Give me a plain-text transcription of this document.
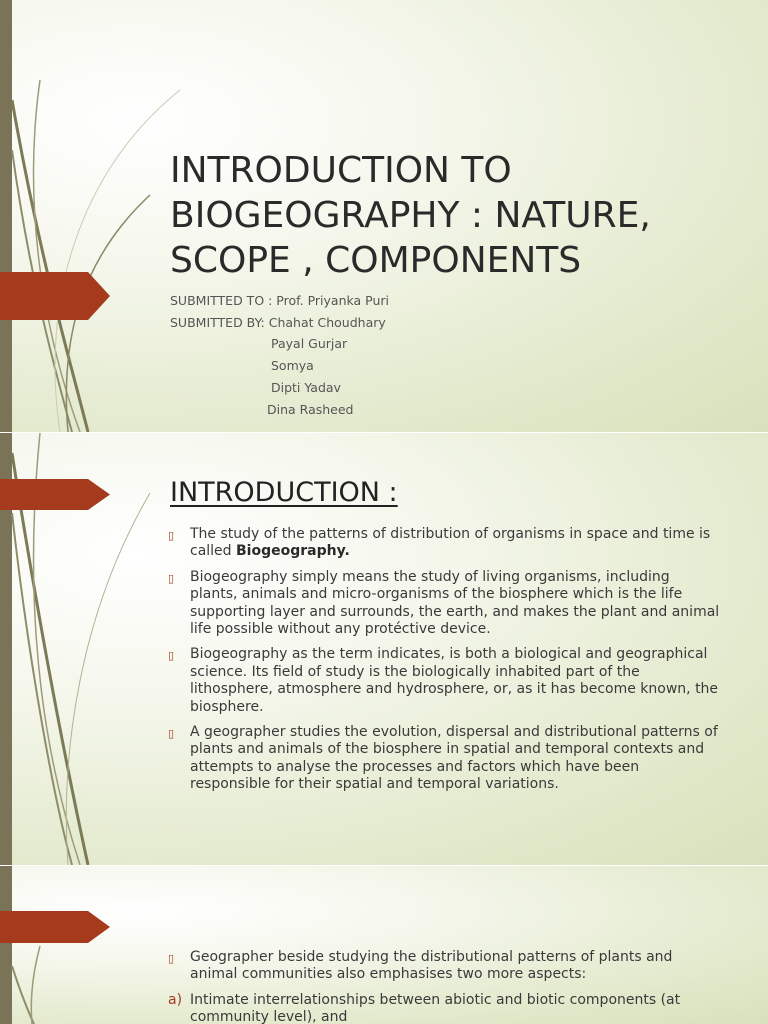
INTRODUCTION TO BIOGEOGRAPHY : NATURE, SCOPE , COMPONENTS
SUBMITTED TO : Prof. Priyanka Puri
SUBMITTED BY: Chahat Choudhary
Payal Gurjar
Somya
Dipti Yadav
Dina Rasheed
INTRODUCTION :
▯ The study of the patterns of distribution of organisms in space and time is called Biogeography.
▯ Biogeography simply means the study of living organisms, including plants, animals and micro-organisms of the biosphere which is the life supporting layer and surrounds, the earth, and makes the plant and animal life possible without any protéctive device.
▯ Biogeography as the term indicates, is both a biological and geographical science. Its field of study is the biologically inhabited part of the lithosphere, atmosphere and hydrosphere, or, as it has become known, the biosphere.
▯ A geographer studies the evolution, dispersal and distributional patterns of plants and animals of the biosphere in spatial and temporal contexts and attempts to analyse the processes and factors which have been responsible for their spatial and temporal variations.
▯ Geographer beside studying the distributional patterns of plants and animal communities also emphasises two more aspects:
a) Intimate interrelationships between abiotic and biotic components (at community level), and
